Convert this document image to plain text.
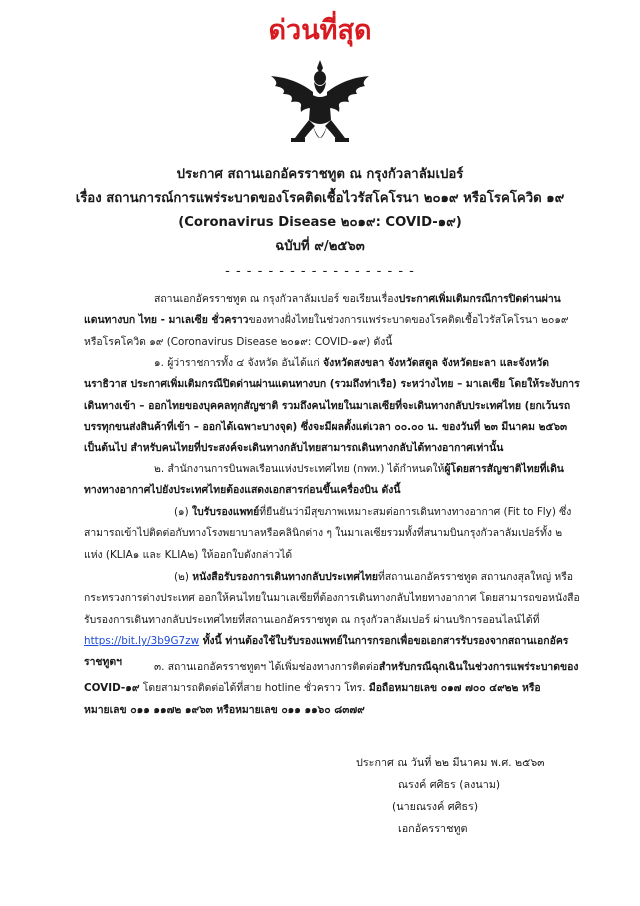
ด่วนที่สุด
ประกาศ สถานเอกอัครราชทูต ณ กรุงกัวลาลัมเปอร์
เรื่อง สถานการณ์การแพร่ระบาดของโรคติดเชื้อไวรัสโคโรนา ๒๐๑๙ หรือโรคโควิด ๑๙
(Coronavirus Disease ๒๐๑๙: COVID-๑๙)
ฉบับที่ ๙/๒๕๖๓
- - - - - - - - - - - - - - - - - -

สถานเอกอัครราชทูต ณ กรุงกัวลาลัมเปอร์ ขอเรียนเรื่องประกาศเพิ่มเติมกรณีการปิดด่านผ่านแดนทางบก ไทย - มาเลเซีย ชั่วคราวของทางฝั่งไทยในช่วงการแพร่ระบาดของโรคติดเชื้อไวรัสโคโรนา ๒๐๑๙ หรือโรคโควิด ๑๙ (Coronavirus Disease ๒๐๑๙: COVID-๑๙) ดังนี้

๑. ผู้ว่าราชการทั้ง ๔ จังหวัด อันได้แก่ จังหวัดสงขลา จังหวัดสตูล จังหวัดยะลา และจังหวัดนราธิวาส ประกาศเพิ่มเติมกรณีปิดด่านผ่านแดนทางบก (รวมถึงท่าเรือ) ระหว่างไทย – มาเลเซีย โดยให้ระงับการเดินทางเข้า – ออกไทยของบุคคลทุกสัญชาติ รวมถึงคนไทยในมาเลเซียที่จะเดินทางกลับประเทศไทย (ยกเว้นรถบรรทุกขนส่งสินค้าที่เข้า – ออกได้เฉพาะบางจุด) ซึ่งจะมีผลตั้งแต่เวลา ๐๐.๐๐ น. ของวันที่ ๒๓ มีนาคม ๒๕๖๓ เป็นต้นไป สำหรับคนไทยที่ประสงค์จะเดินทางกลับไทยสามารถเดินทางกลับได้ทางอากาศเท่านั้น

๒. สำนักงานการบินพลเรือนแห่งประเทศไทย (กพท.) ได้กำหนดให้ผู้โดยสารสัญชาติไทยที่เดินทางทางอากาศไปยังประเทศไทยต้องแสดงเอกสารก่อนขึ้นเครื่องบิน ดังนี้

(๑) ใบรับรองแพทย์ที่ยืนยันว่ามีสุขภาพเหมาะสมต่อการเดินทางทางอากาศ (Fit to Fly) ซึ่งสามารถเข้าไปติดต่อกับทางโรงพยาบาลหรือคลินิกต่าง ๆ ในมาเลเซียรวมทั้งที่สนามบินกรุงกัวลาลัมเปอร์ทั้ง ๒ แห่ง (KLIA๑ และ KLIA๒) ให้ออกใบดังกล่าวได้

(๒) หนังสือรับรองการเดินทางกลับประเทศไทยที่สถานเอกอัครราชทูต สถานกงสุลใหญ่ หรือกระทรวงการต่างประเทศ ออกให้คนไทยในมาเลเซียที่ต้องการเดินทางกลับไทยทางอากาศ โดยสามารถขอหนังสือรับรองการเดินทางกลับประเทศไทยที่สถานเอกอัครราชทูต ณ กรุงกัวลาลัมเปอร์ ผ่านบริการออนไลน์ได้ที่ https://bit.ly/3b9G7zw ทั้งนี้ ท่านต้องใช้ใบรับรองแพทย์ในการกรอกเพื่อขอเอกสารรับรองจากสถานเอกอัครราชทูตฯ	๓. สถานเอกอัครราชทูตฯ ได้เพิ่มช่องทางการติดต่อสำหรับกรณีฉุกเฉินในช่วงการแพร่ระบาดของ COVID-๑๙ โดยสามารถติดต่อได้ที่สาย hotline ชั่วคราว โทร. มือถือหมายเลข ๐๑๗ ๗๐๐ ๔๙๒๒ หรือหมายเลข ๐๑๑ ๑๑๗๒ ๑๙๖๓ หรือหมายเลข ๐๑๑ ๑๑๖๐ ๘๓๗๙

ประกาศ ณ วันที่ ๒๒ มีนาคม พ.ศ. ๒๕๖๓
ณรงค์ ศศิธร (ลงนาม)
(นายณรงค์ ศศิธร)
เอกอัครราชทูต
